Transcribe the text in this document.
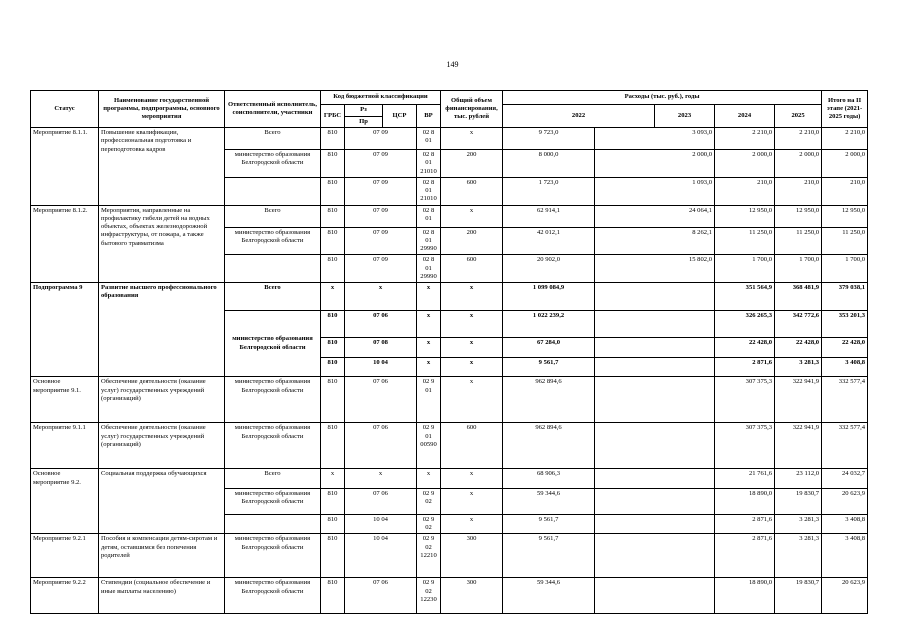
149
Статус	Наименование государственной программы, подпрограммы, основного мероприятия	Ответственный исполнитель, соисполнители, участники	Код бюджетной классификации				Общий объем финансирования, тыс. рублей	Расходы (тыс. руб.), годы					Итого на II этапе (2021-2025 годы)	
			ГРБС	Рз	ЦСР	ВР		2022		2023	2024	2025		
				Пр										
Мероприятие 8.1.1.	Повышение квалификации, профессиональная подготовка и переподготовка кадров	Всего	810	07 09		02 8 01	x	9 723,0	3 093,0		2 210,0	2 210,0	2 210,0	
		министерство образования Белгородской области	810	07 09		02 8 01 21010	200	8 000,0	2 000,0		2 000,0	2 000,0	2 000,0	
			810	07 09		02 8 01 21010	600	1 723,0	1 093,0		210,0	210,0	210,0	
Мероприятие 8.1.2.	Мероприятия, направленные на профилактику гибели детей на водных объектах, объектах железнодорожной инфраструктуры, от пожара, а также бытового травматизма	Всего	810	07 09		02 8 01	x	62 914,1	24 064,1		12 950,0	12 950,0	12 950,0	
		министерство образования Белгородской области	810	07 09		02 8 01 29990	200	42 012,1	8 262,1		11 250,0	11 250,0	11 250,0	
			810	07 09		02 8 01 29990	600	20 902,0	15 802,0		1 700,0	1 700,0	1 700,0	
Подпрограмма 9	Развитие высшего профессионального образования	Всего	x	x		x	x	1 099 084,9			351 564,9	368 481,9	379 038,1	
		министерство образования Белгородской области	810	07 06		x	x	1 022 239,2			326 265,3	342 772,6	353 201,3	
			810	07 08		x	x	67 284,0			22 428,0	22 428,0	22 428,0	
			810	10 04		x	x	9 561,7			2 871,6	3 281,3	3 408,8	
Основное мероприятие 9.1.	Обеспечение деятельности (оказание услуг) государственных учреждений (организаций)	министерство образования Белгородской области	810	07 06		02 9 01	x	962 894,6			307 375,3	322 941,9	332 577,4	
Мероприятие 9.1.1	Обеспечение деятельности (оказание услуг) государственных учреждений (организаций)	министерство образования Белгородской области	810	07 06		02 9 01 00590	600	962 894,6			307 375,3	322 941,9	332 577,4	
Основное мероприятие 9.2.	Социальная поддержка обучающихся	Всего	x	x		x	x	68 906,3			21 761,6	23 112,0	24 032,7	
		министерство образования Белгородской области	810	07 06		02 9 02	x	59 344,6			18 890,0	19 830,7	20 623,9	
			810	10 04		02 9 02	x	9 561,7			2 871,6	3 281,3	3 408,8	
Мероприятие 9.2.1	Пособия и компенсации детям-сиротам и детям, оставшимся без попечения родителей	министерство образования Белгородской области	810	10 04		02 9 02 12210	300	9 561,7			2 871,6	3 281,3	3 408,8	
Мероприятие 9.2.2	Стипендии (социальное обеспечение и иные выплаты населению)	министерство образования Белгородской области	810	07 06		02 9 02 12230	300	59 344,6			18 890,0	19 830,7	20 623,9	
